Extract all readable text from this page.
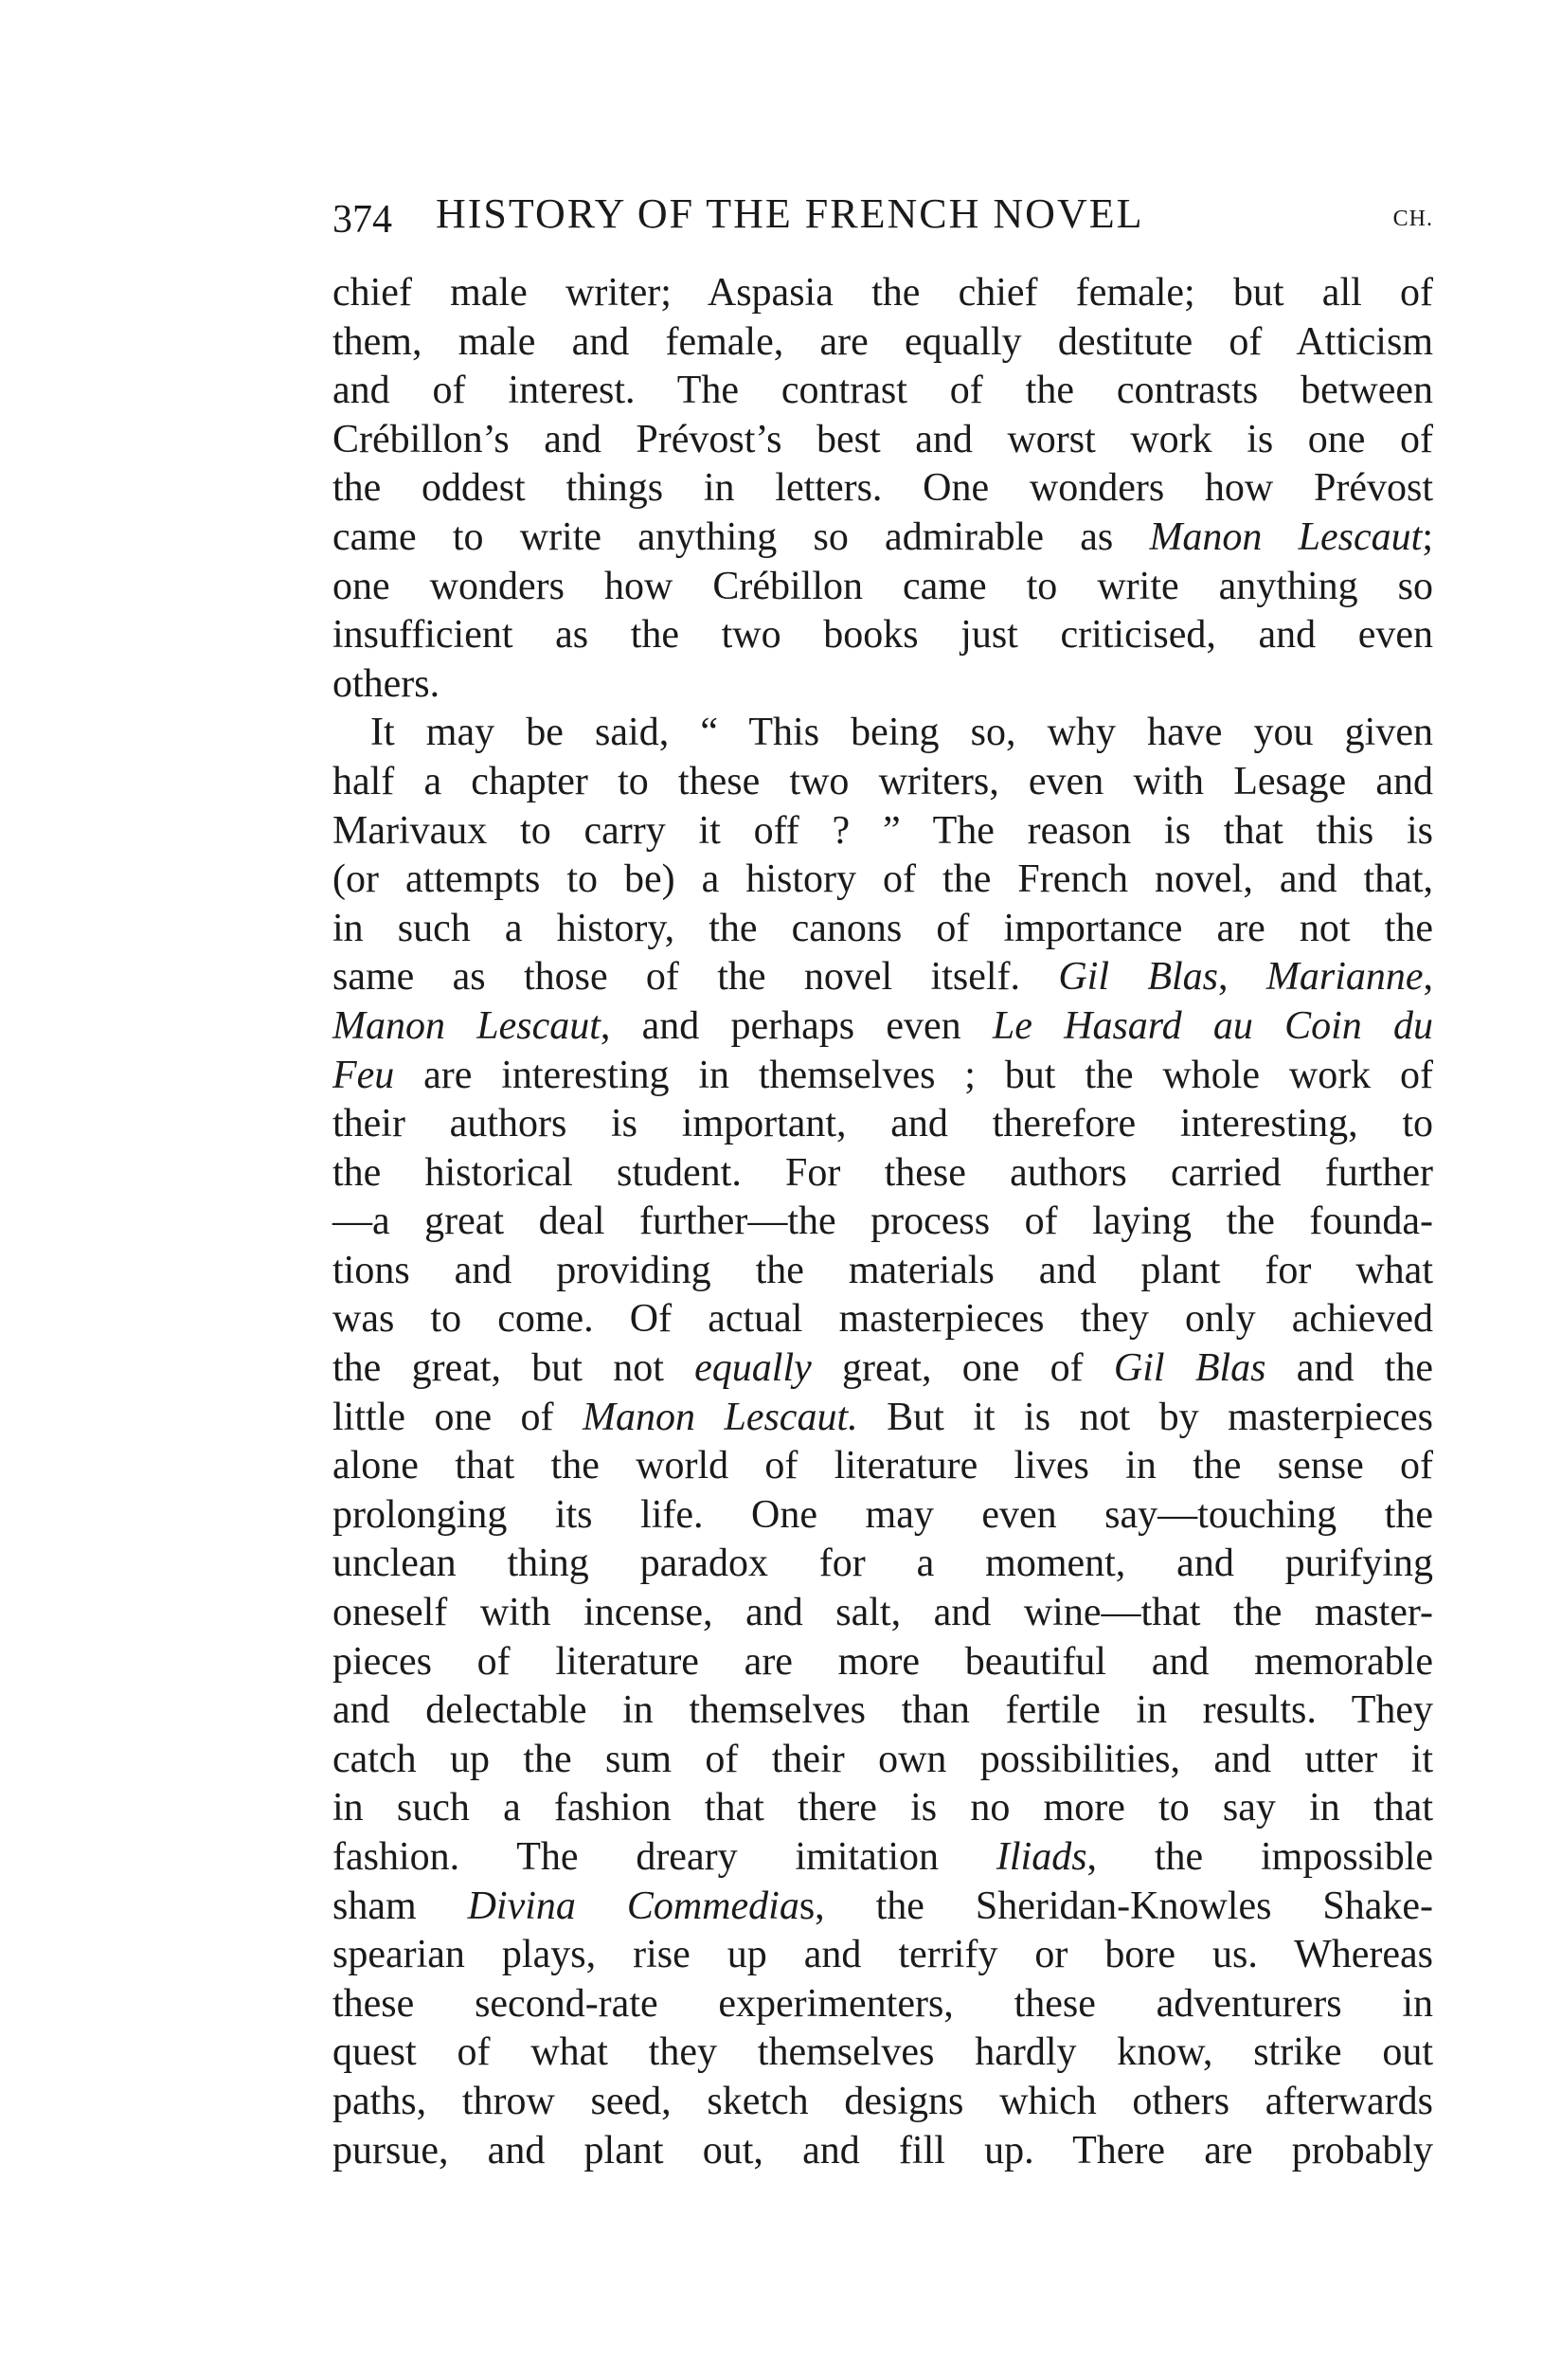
374 HISTORY OF THE FRENCH NOVEL	CH.
chief male writer; Aspasia the chief female; but all of
them, male and female, are equally destitute of Atticism
and of interest. The contrast of the contrasts between
Crébillon’s and Prévost’s best and worst work is one of
the oddest things in letters. One wonders how Prévost
came to write anything so admirable as Manon Lescaut;
one wonders how Crébillon came to write anything so
insufficient as the two books just criticised, and even
others.
It may be said, “ This being so, why have you given
half a chapter to these two writers, even with Lesage and
Marivaux to carry it off ? ” The reason is that this is
(or attempts to be) a history of the French novel, and that,
in such a history, the canons of importance are not the
same as those of the novel itself. Gil Blas, Marianne,
Manon Lescaut, and perhaps even Le Hasard au Coin du
Feu are interesting in themselves ; but the whole work of
their authors is important, and therefore interesting, to
the historical student. For these authors carried further
—a great deal further—the process of laying the founda-
tions and providing the materials and plant for what
was to come. Of actual masterpieces they only achieved
the great, but not equally great, one of Gil Blas and the
little one of Manon Lescaut. But it is not by masterpieces
alone that the world of literature lives in the sense of
prolonging its life. One may even say—touching the
unclean thing paradox for a moment, and purifying
oneself with incense, and salt, and wine—that the master-
pieces of literature are more beautiful and memorable
and delectable in themselves than fertile in results. They
catch up the sum of their own possibilities, and utter it
in such a fashion that there is no more to say in that
fashion. The dreary imitation Iliads, the impossible
sham Divina Commedias, the Sheridan-Knowles Shake-
spearian plays, rise up and terrify or bore us. Whereas
these second-rate experimenters, these adventurers in
quest of what they themselves hardly know, strike out
paths, throw seed, sketch designs which others afterwards
pursue, and plant out, and fill up. There are probably
